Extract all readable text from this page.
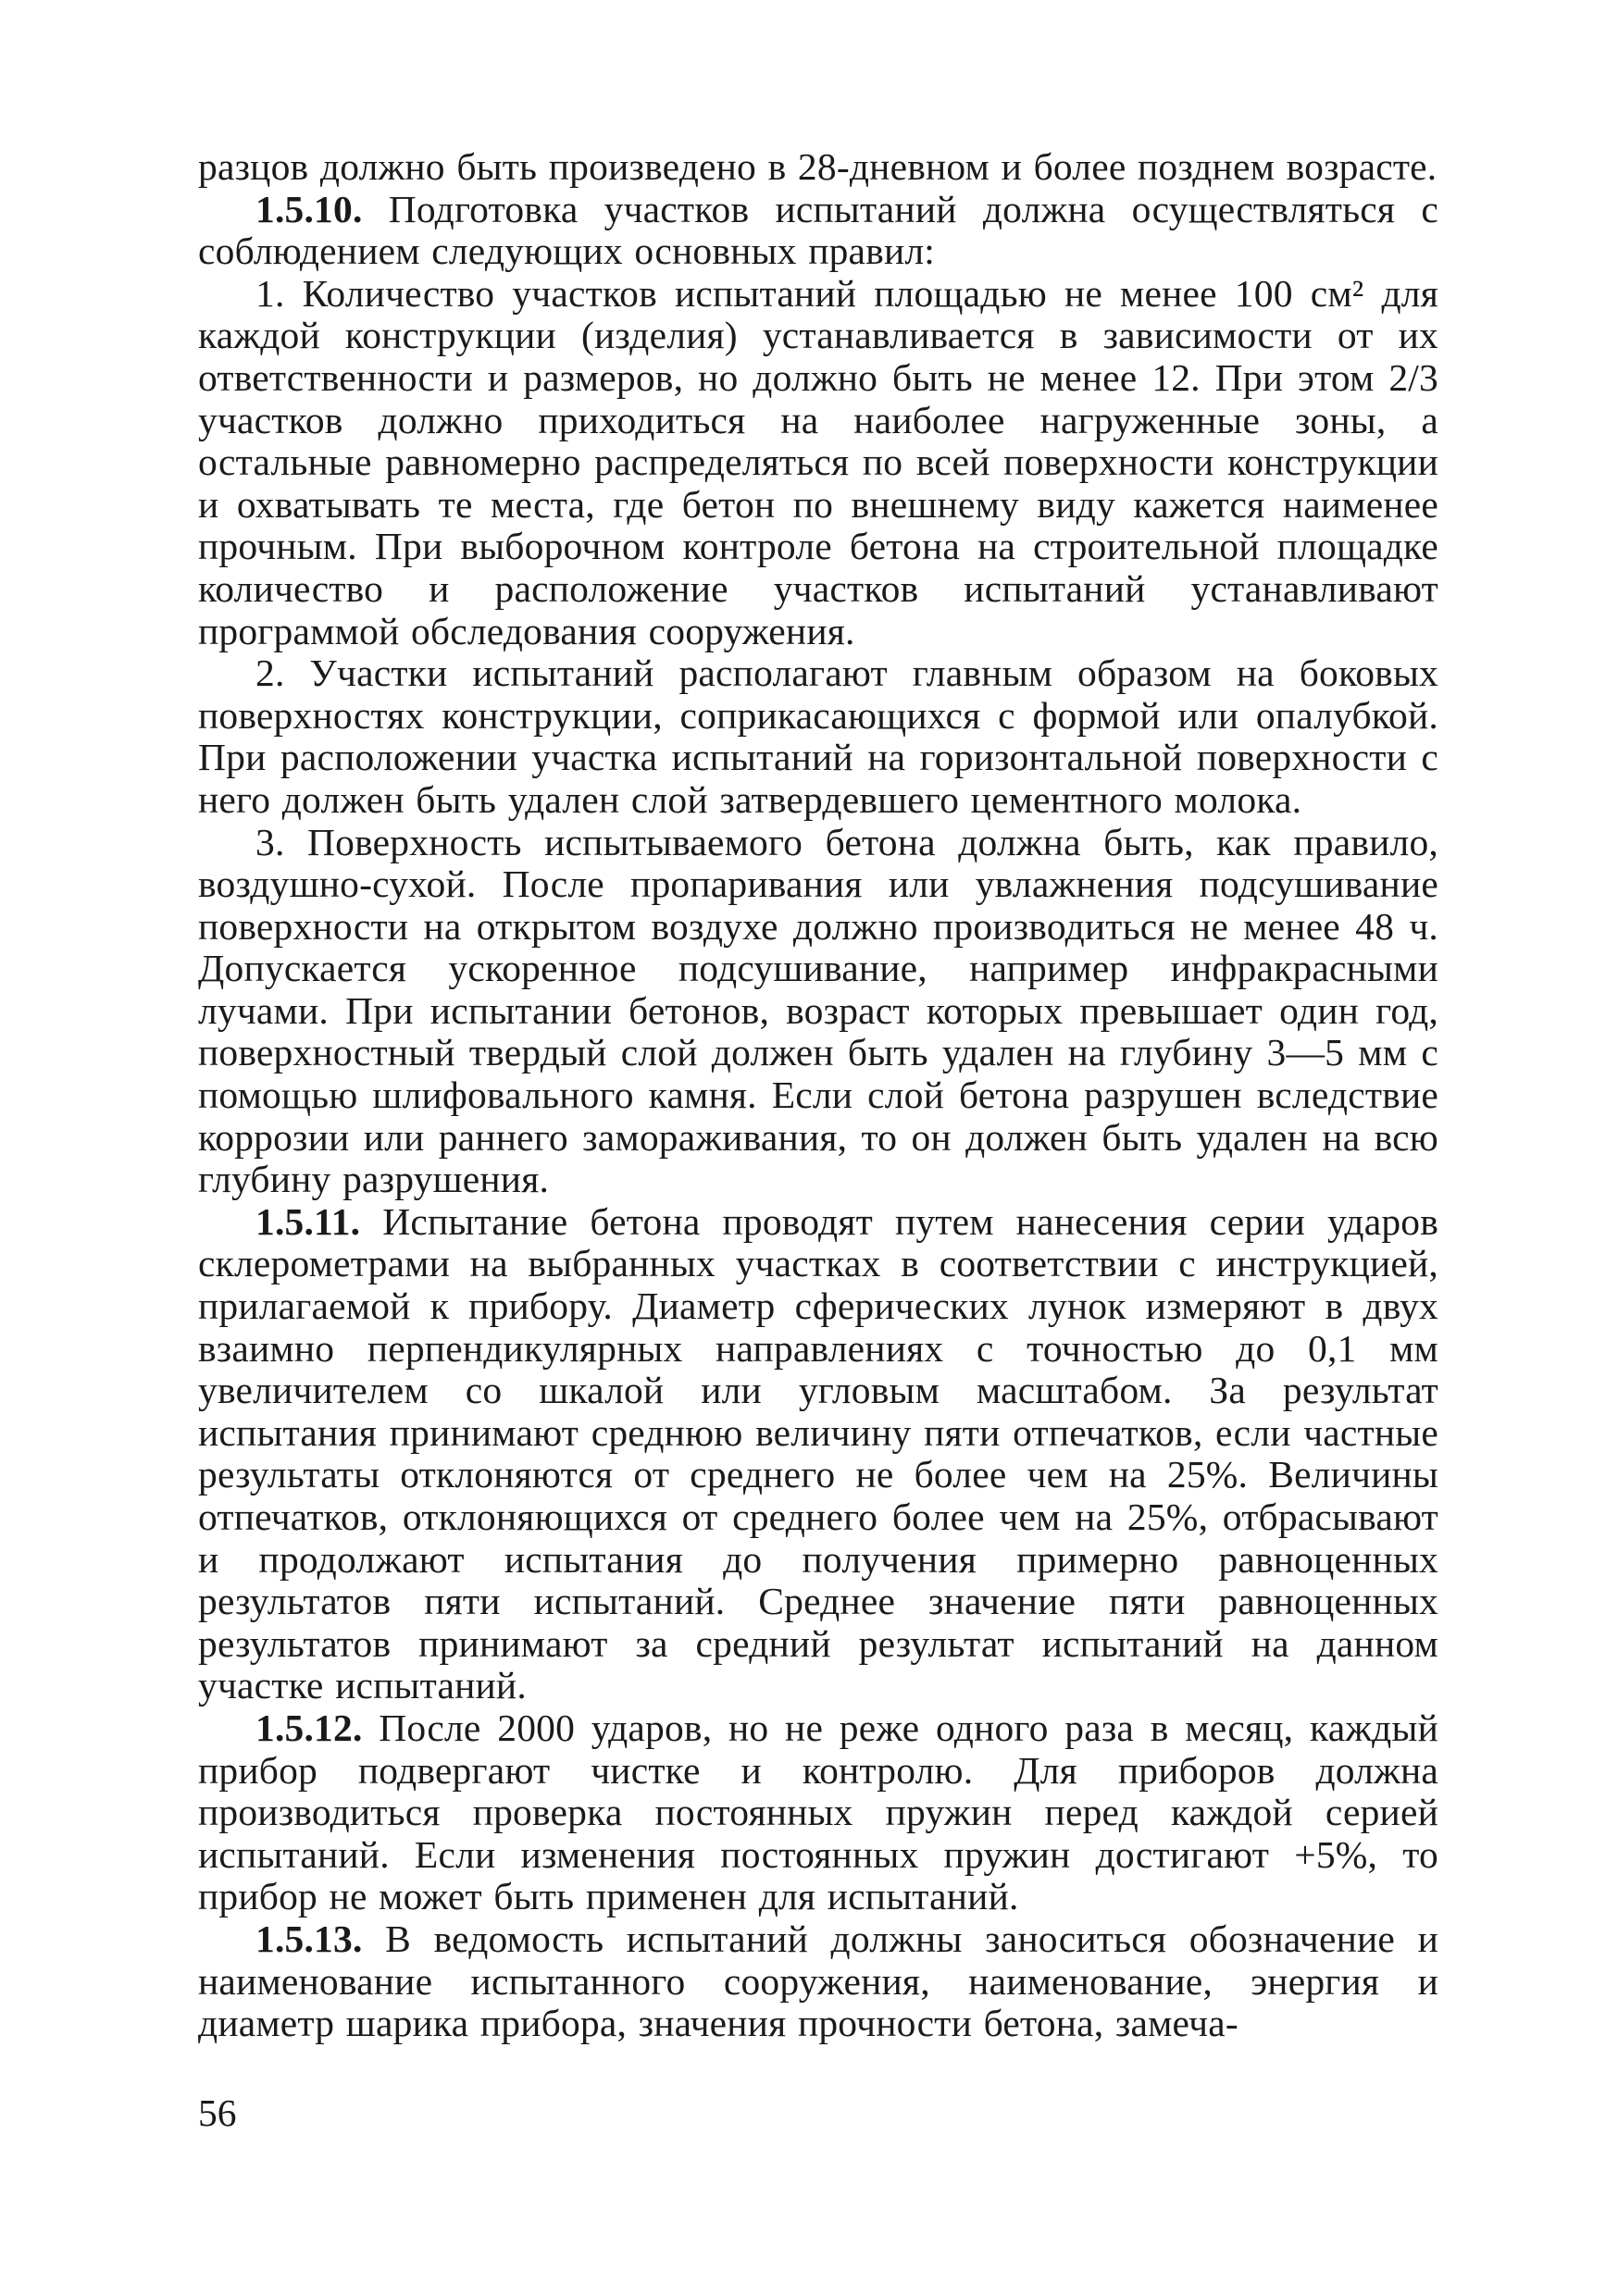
разцов должно быть произведено в 28-дневном и более позднем возрасте.

1.5.10. Подготовка участков испытаний должна осуществляться с соблюдением следующих основных правил:

1. Количество участков испытаний площадью не менее 100 см² для каждой конструкции (изделия) устанавливается в зависимости от их ответственности и размеров, но должно быть не менее 12. При этом 2/3 участков должно приходиться на наиболее нагруженные зоны, а остальные равномерно распределяться по всей поверхности конструкции и охватывать те места, где бетон по внешнему виду кажется наименее прочным. При выборочном контроле бетона на строительной площадке количество и расположение участков испытаний устанавливают программой обследования сооружения.

2. Участки испытаний располагают главным образом на боковых поверхностях конструкции, соприкасающихся с формой или опалубкой. При расположении участка испытаний на горизонтальной поверхности с него должен быть удален слой затвердевшего цементного молока.

3. Поверхность испытываемого бетона должна быть, как правило, воздушно-сухой. После пропаривания или увлажнения подсушивание поверхности на открытом воздухе должно производиться не менее 48 ч. Допускается ускоренное подсушивание, например инфракрасными лучами. При испытании бетонов, возраст которых превышает один год, поверхностный твердый слой должен быть удален на глубину 3—5 мм с помощью шлифовального камня. Если слой бетона разрушен вследствие коррозии или раннего замораживания, то он должен быть удален на всю глубину разрушения.

1.5.11. Испытание бетона проводят путем нанесения серии ударов склерометрами на выбранных участках в соответствии с инструкцией, прилагаемой к прибору. Диаметр сферических лунок измеряют в двух взаимно перпендикулярных направлениях с точностью до 0,1 мм увеличителем со шкалой или угловым масштабом. За результат испытания принимают среднюю величину пяти отпечатков, если частные результаты отклоняются от среднего не более чем на 25%. Величины отпечатков, отклоняющихся от среднего более чем на 25%, отбрасывают и продолжают испытания до получения примерно равноценных результатов пяти испытаний. Среднее значение пяти равноценных результатов принимают за средний результат испытаний на данном участке испытаний.

1.5.12. После 2000 ударов, но не реже одного раза в месяц, каждый прибор подвергают чистке и контролю. Для приборов должна производиться проверка постоянных пружин перед каждой серией испытаний. Если изменения постоянных пружин достигают +5%, то прибор не может быть применен для испытаний.

1.5.13. В ведомость испытаний должны заноситься обозначение и наименование испытанного сооружения, наименование, энергия и диаметр шарика прибора, значения прочности бетона, замеча-

56
